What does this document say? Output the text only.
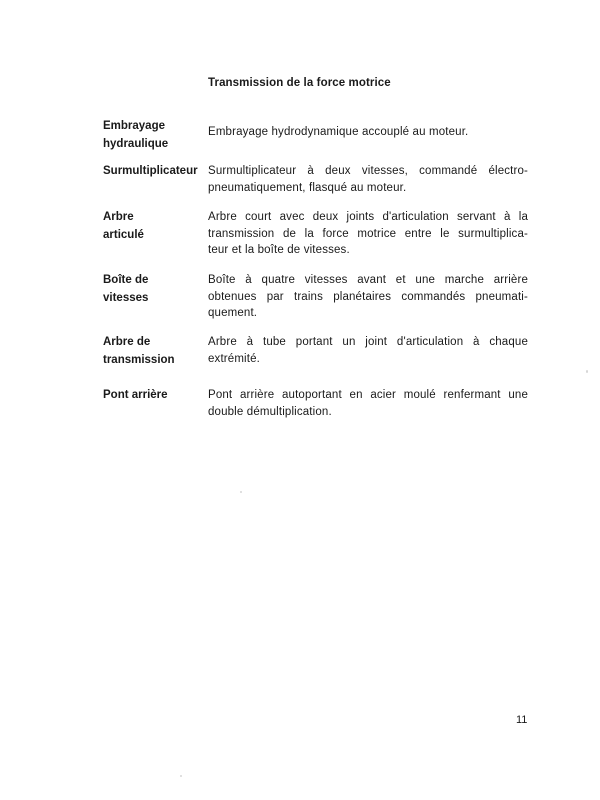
Transmission de la force motrice
Embrayage
hydraulique
Embrayage hydrodynamique accouplé au moteur.
Surmultiplicateur Surmultiplicateur à deux vitesses, commandé électro-
pneumatiquement, flasqué au moteur.
Arbre
articulé
Arbre court avec deux joints d'articulation servant à la
transmission de la force motrice entre le surmultiplica-
teur et la boîte de vitesses.
Boîte de
vitesses
Boîte à quatre vitesses avant et une marche arrière
obtenues par trains planétaires commandés pneumati-
quement.
Arbre de
transmission
Arbre à tube portant un joint d'articulation à chaque
extrémité.
Pont arrière	Pont arrière autoportant en acier moulé renfermant une
double démultiplication.
11
